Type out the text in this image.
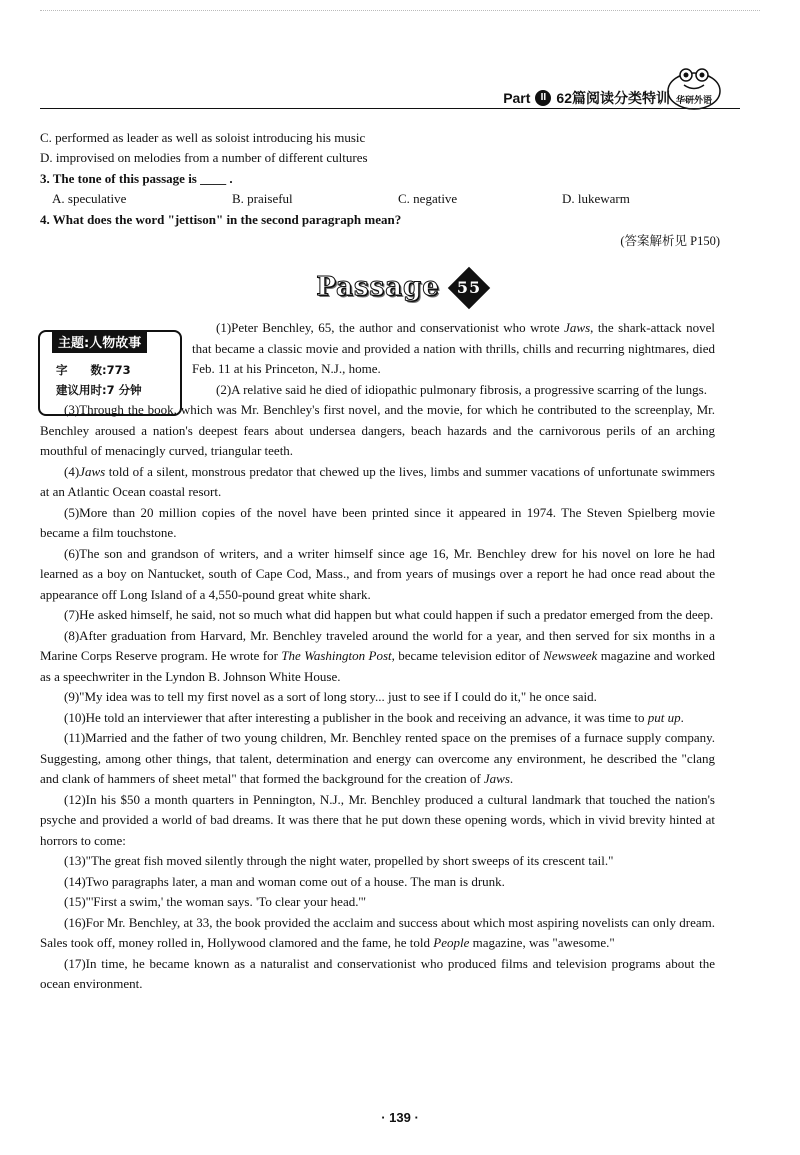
Part	II 62篇阅读分类特训 华研外语
C. performed as leader as well as soloist introducing his music
D. improvised on melodies from a number of different cultures
3. The tone of this passage is ____ .
A. speculative	B. praiseful	C. negative	D. lukewarm
4. What does the word "jettison" in the second paragraph mean?
(答案解析见 P150)
Passage 55
主题:人物故事
字　　数:773
建议用时:7 分钟

(1)Peter Benchley, 65, the author and conservationist who wrote Jaws, the shark-attack novel that became a classic movie and provided a nation with thrills, chills and recurring nightmares, died Feb. 11 at his Princeton, N.J., home.

(2)A relative said he died of idiopathic pulmonary fibrosis, a progressive scarring of the lungs.

(3)Through the book, which was Mr. Benchley's first novel, and the movie, for which he contributed to the screenplay, Mr. Benchley aroused a nation's deepest fears about undersea dangers, beach hazards and the carnivorous perils of an arching mouthful of menacingly curved, triangular teeth.

(4)Jaws told of a silent, monstrous predator that chewed up the lives, limbs and summer vacations of unfortunate swimmers at an Atlantic Ocean coastal resort.

(5)More than 20 million copies of the novel have been printed since it appeared in 1974. The Steven Spielberg movie became a film touchstone.

(6)The son and grandson of writers, and a writer himself since age 16, Mr. Benchley drew for his novel on lore he had learned as a boy on Nantucket, south of Cape Cod, Mass., and from years of musings over a report he had once read about the appearance off Long Island of a 4,550-pound great white shark.

(7)He asked himself, he said, not so much what did happen but what could happen if such a predator emerged from the deep.

(8)After graduation from Harvard, Mr. Benchley traveled around the world for a year, and then served for six months in a Marine Corps Reserve program. He wrote for The Washington Post, became television editor of Newsweek magazine and worked as a speechwriter in the Lyndon B. Johnson White House.

(9)"My idea was to tell my first novel as a sort of long story... just to see if I could do it," he once said.

(10)He told an interviewer that after interesting a publisher in the book and receiving an advance, it was time to put up.

(11)Married and the father of two young children, Mr. Benchley rented space on the premises of a furnace supply company. Suggesting, among other things, that talent, determination and energy can overcome any environment, he described the "clang and clank of hammers of sheet metal" that formed the background for the creation of Jaws.

(12)In his $50 a month quarters in Pennington, N.J., Mr. Benchley produced a cultural landmark that touched the nation's psyche and provided a world of bad dreams. It was there that he put down these opening words, which in vivid brevity hinted at horrors to come:

(13)"The great fish moved silently through the night water, propelled by short sweeps of its crescent tail."

(14)Two paragraphs later, a man and woman come out of a house. The man is drunk.

(15)"'First a swim,' the woman says. 'To clear your head.'"

(16)For Mr. Benchley, at 33, the book provided the acclaim and success about which most aspiring novelists can only dream. Sales took off, money rolled in, Hollywood clamored and the fame, he told People magazine, was "awesome."

(17)In time, he became known as a naturalist and conservationist who produced films and television programs about the ocean environment.

· 139 ·
